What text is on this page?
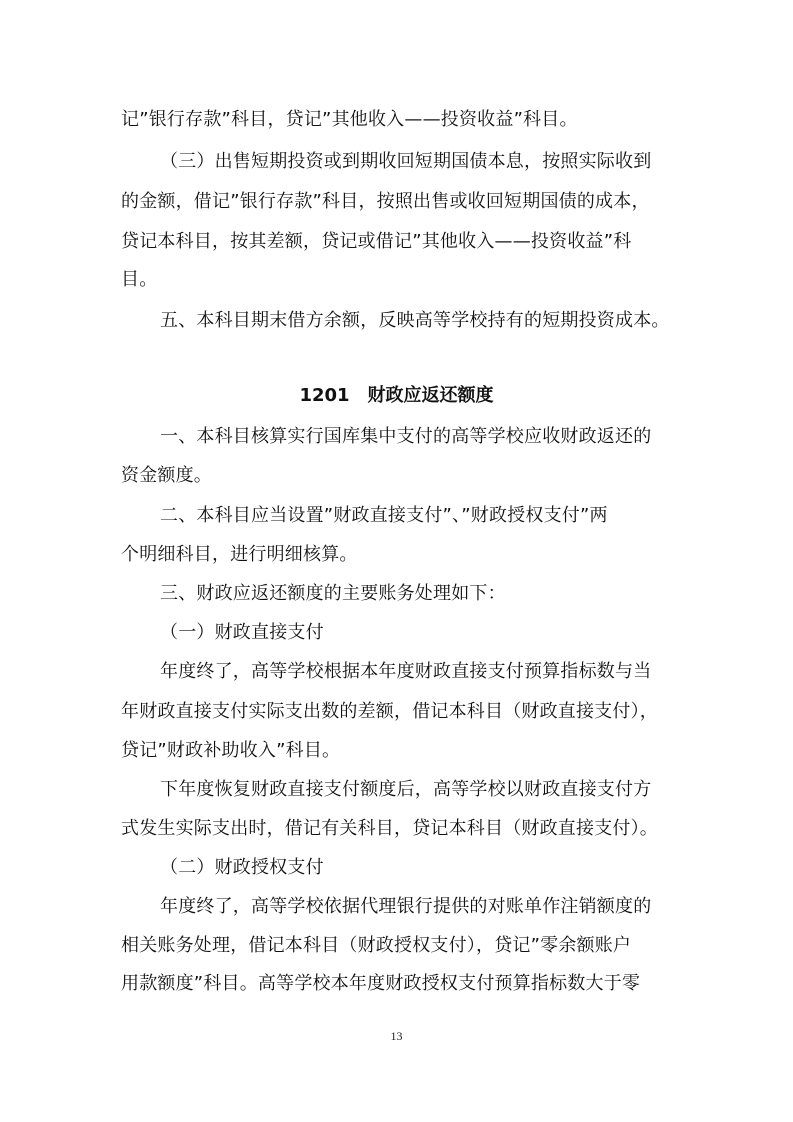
记”银行存款”科目，贷记”其他收入——投资收益”科目。
（三）出售短期投资或到期收回短期国债本息，按照实际收到
的金额，借记”银行存款”科目，按照出售或收回短期国债的成本，
贷记本科目，按其差额，贷记或借记”其他收入——投资收益”科
目。
五、本科目期末借方余额，反映高等学校持有的短期投资成本。
1201　财政应返还额度
一、本科目核算实行国库集中支付的高等学校应收财政返还的
资金额度。
二、本科目应当设置”财政直接支付”、”财政授权支付”两
个明细科目，进行明细核算。
三、财政应返还额度的主要账务处理如下：
（一）财政直接支付
年度终了，高等学校根据本年度财政直接支付预算指标数与当
年财政直接支付实际支出数的差额，借记本科目（财政直接支付），
贷记”财政补助收入”科目。
下年度恢复财政直接支付额度后，高等学校以财政直接支付方
式发生实际支出时，借记有关科目，贷记本科目（财政直接支付）。
（二）财政授权支付
年度终了，高等学校依据代理银行提供的对账单作注销额度的
相关账务处理，借记本科目（财政授权支付），贷记”零余额账户
用款额度”科目。高等学校本年度财政授权支付预算指标数大于零
13
